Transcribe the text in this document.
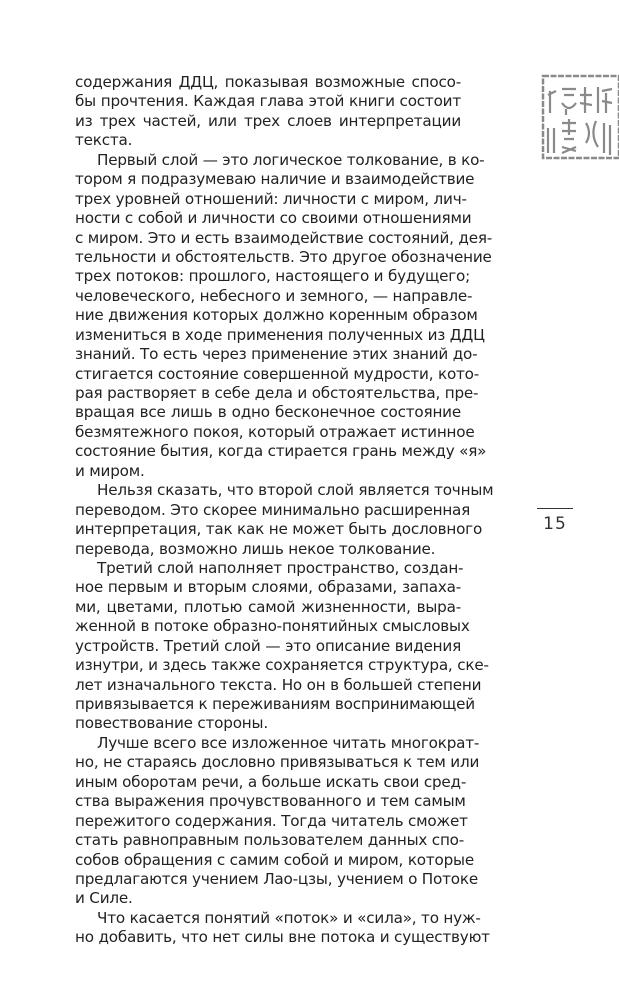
содержания ДДЦ, показывая возможные спосо-
бы прочтения. Каждая глава этой книги состоит
из трех частей, или трех слоев интерпретации
текста.
Первый слой — это логическое толкование, в ко-
тором я подразумеваю наличие и взаимодействие
трех уровней отношений: личности с миром, лич-
ности с собой и личности со своими отношениями
с миром. Это и есть взаимодействие состояний, дея-
тельности и обстоятельств. Это другое обозначение
трех потоков: прошлого, настоящего и будущего;
человеческого, небесного и земного, — направле-
ние движения которых должно коренным образом
измениться в ходе применения полученных из ДДЦ
знаний. То есть через применение этих знаний до-
стигается состояние совершенной мудрости, кото-
рая растворяет в себе дела и обстоятельства, пре-
вращая все лишь в одно бесконечное состояние
безмятежного покоя, который отражает истинное
состояние бытия, когда стирается грань между «я»
и миром.
Нельзя сказать, что второй слой является точным
переводом. Это скорее минимально расширенная
интерпретация, так как не может быть дословного
перевода, возможно лишь некое толкование.
Третий слой наполняет пространство, создан-
ное первым и вторым слоями, образами, запаха-
ми, цветами, плотью самой жизненности, выра-
женной в потоке образно-понятийных смысловых
устройств. Третий слой — это описание видения
изнутри, и здесь также сохраняется структура, ске-
лет изначального текста. Но он в большей степени
привязывается к переживаниям воспринимающей
повествование стороны.
Лучше всего все изложенное читать многократ-
но, не стараясь дословно привязываться к тем или
иным оборотам речи, а больше искать свои сред-
ства выражения прочувствованного и тем самым
пережитого содержания. Тогда читатель сможет
стать равноправным пользователем данных спо-
собов обращения с самим собой и миром, которые
предлагаются учением Лао-цзы, учением о Потоке
и Силе.
Что касается понятий «поток» и «сила», то нуж-
но добавить, что нет силы вне потока и существуют
15
